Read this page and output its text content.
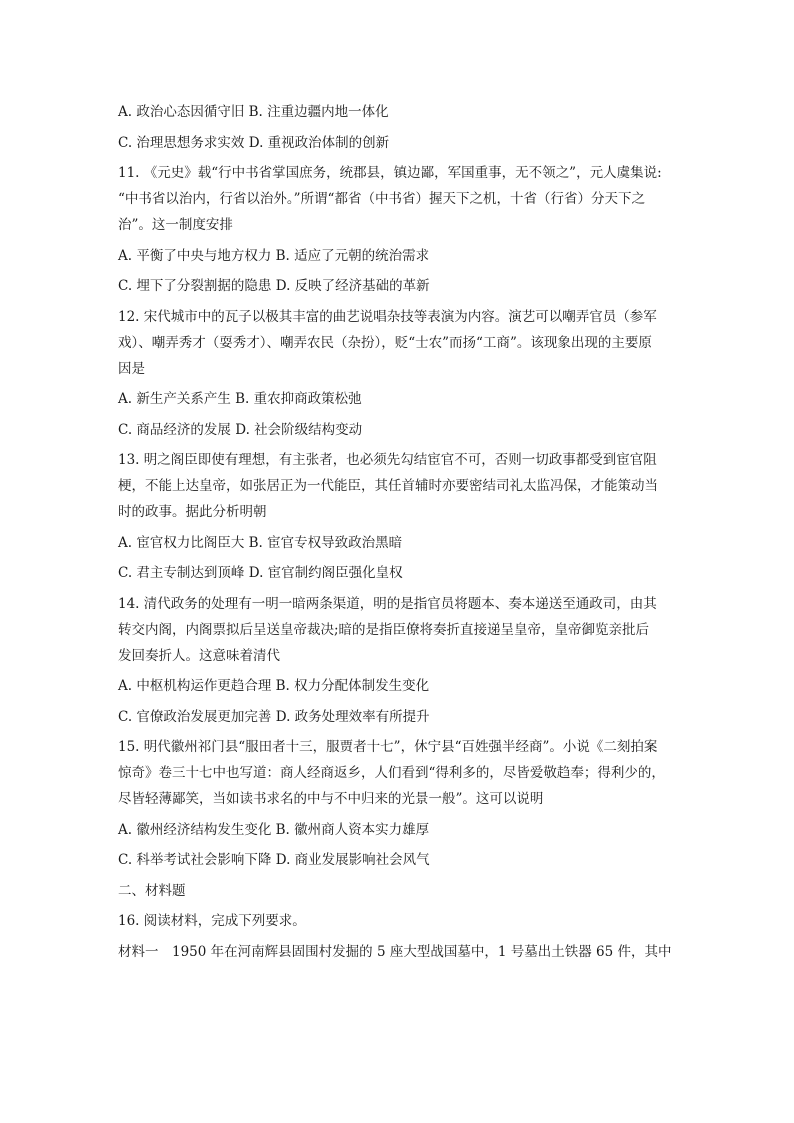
A. 政治心态因循守旧 B. 注重边疆内地一体化

C. 治理思想务求实效 D. 重视政治体制的创新

11. 《元史》载“行中书省掌国庶务，统郡县，镇边鄙，军国重事，无不领之”，元人虞集说:

“中书省以治内，行省以治外。”所谓“都省（中书省）握天下之机，十省（行省）分天下之

治”。这一制度安排

A. 平衡了中央与地方权力 B. 适应了元朝的统治需求

C. 埋下了分裂割据的隐患 D. 反映了经济基础的革新

12. 宋代城市中的瓦子以极其丰富的曲艺说唱杂技等表演为内容。演艺可以嘲弄官员（参军

戏）、嘲弄秀才（耍秀才）、嘲弄农民（杂扮），贬“士农”而扬“工商”。该现象出现的主要原

因是

A. 新生产关系产生 B. 重农抑商政策松弛

C. 商品经济的发展 D. 社会阶级结构变动

13. 明之阁臣即使有理想，有主张者，也必须先勾结宦官不可，否则一切政事都受到宦官阻

梗，不能上达皇帝，如张居正为一代能臣，其任首辅时亦要密结司礼太监冯保，才能策动当

时的政事。据此分析明朝

A. 宦官权力比阁臣大 B. 宦官专权导致政治黑暗

C. 君主专制达到顶峰 D. 宦官制约阁臣强化皇权

14. 清代政务的处理有一明一暗两条渠道，明的是指官员将题本、奏本递送至通政司，由其

转交内阁，内阁票拟后呈送皇帝裁决;暗的是指臣僚将奏折直接递呈皇帝，皇帝御览亲批后

发回奏折人。这意味着清代

A. 中枢机构运作更趋合理 B. 权力分配体制发生变化

C. 官僚政治发展更加完善 D. 政务处理效率有所提升

15. 明代徽州祁门县“服田者十三，服贾者十七”，休宁县“百姓强半经商”。小说《二刻拍案

惊奇》卷三十七中也写道：商人经商返乡，人们看到“得利多的，尽皆爱敬趋奉；得利少的，

尽皆轻薄鄙笑，当如读书求名的中与不中归来的光景一般”。这可以说明

A. 徽州经济结构发生变化 B. 徽州商人资本实力雄厚

C. 科举考试社会影响下降 D. 商业发展影响社会风气

二、材料题

16. 阅读材料，完成下列要求。

材料一　1950 年在河南辉县固围村发掘的 5 座大型战国墓中，1 号墓出土铁器 65 件，其中
